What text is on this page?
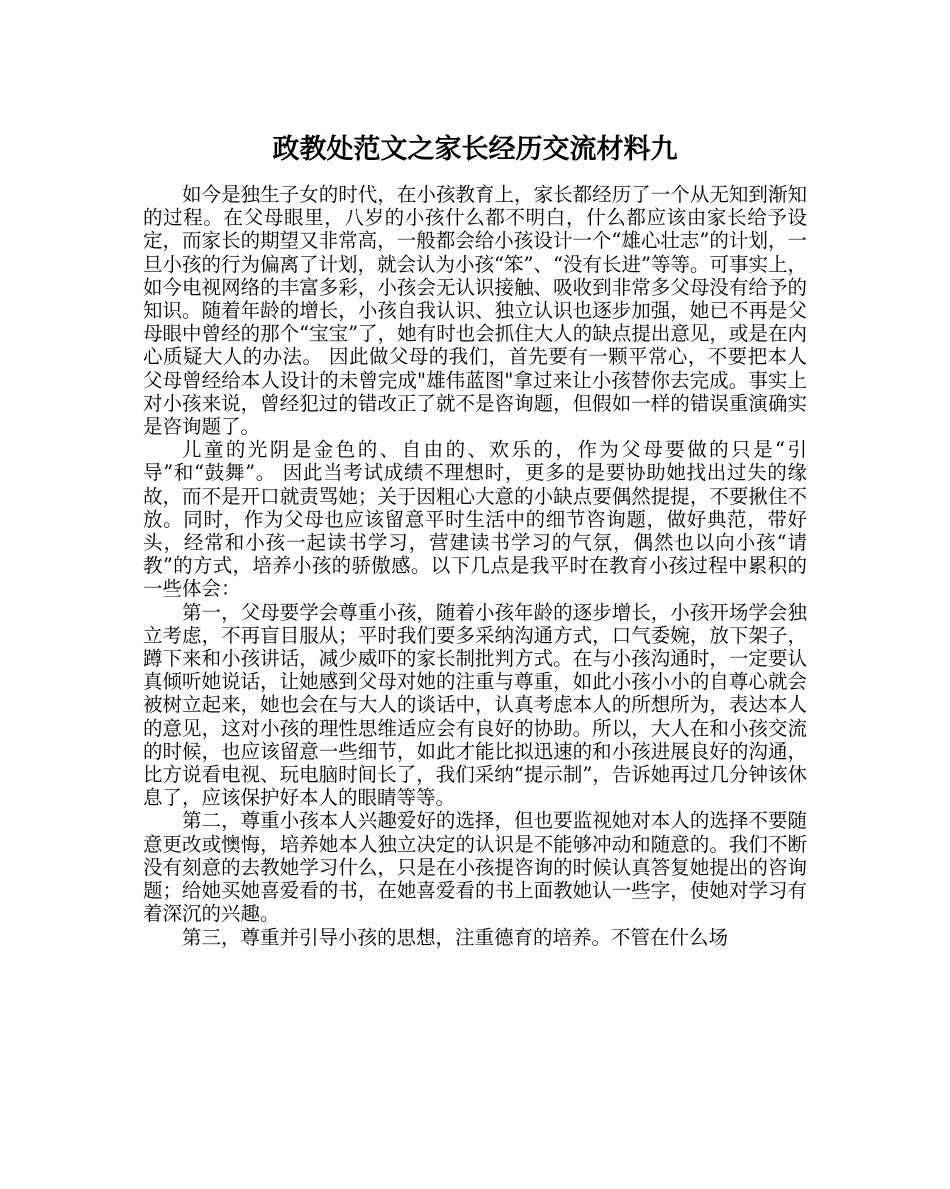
政教处范文之家长经历交流材料九

如今是独生子女的时代，在小孩教育上，家长都经历了一个从无知到渐知的过程。在父母眼里，八岁的小孩什么都不明白，什么都应该由家长给予设定，而家长的期望又非常高，一般都会给小孩设计一个“雄心壮志”的计划，一旦小孩的行为偏离了计划，就会认为小孩“笨”、“没有长进”等等。可事实上，如今电视网络的丰富多彩，小孩会无认识接触、吸收到非常多父母没有给予的知识。随着年龄的增长，小孩自我认识、独立认识也逐步加强，她已不再是父母眼中曾经的那个“宝宝”了，她有时也会抓住大人的缺点提出意见，或是在内心质疑大人的办法。 因此做父母的我们，首先要有一颗平常心，不要把本人父母曾经给本人设计的未曾完成"雄伟蓝图"拿过来让小孩替你去完成。事实上对小孩来说，曾经犯过的错改正了就不是咨询题，但假如一样的错误重演确实是咨询题了。

儿童的光阴是金色的、自由的、欢乐的，作为父母要做的只是“引导”和“鼓舞”。 因此当考试成绩不理想时，更多的是要协助她找出过失的缘故，而不是开口就责骂她；关于因粗心大意的小缺点要偶然提提，不要揪住不放。同时，作为父母也应该留意平时生活中的细节咨询题，做好典范，带好头，经常和小孩一起读书学习，营建读书学习的气氛，偶然也以向小孩“请教”的方式，培养小孩的骄傲感。以下几点是我平时在教育小孩过程中累积的一些体会：

第一，父母要学会尊重小孩，随着小孩年龄的逐步增长，小孩开场学会独立考虑，不再盲目服从；平时我们要多采纳沟通方式，口气委婉，放下架子，蹲下来和小孩讲话，减少威吓的家长制批判方式。在与小孩沟通时，一定要认真倾听她说话，让她感到父母对她的注重与尊重，如此小孩小小的自尊心就会被树立起来，她也会在与大人的谈话中，认真考虑本人的所想所为，表达本人的意见，这对小孩的理性思维适应会有良好的协助。所以，大人在和小孩交流的时候，也应该留意一些细节，如此才能比拟迅速的和小孩进展良好的沟通，比方说看电视、玩电脑时间长了，我们采纳“提示制”，告诉她再过几分钟该休息了，应该保护好本人的眼睛等等。

第二，尊重小孩本人兴趣爱好的选择，但也要监视她对本人的选择不要随意更改或懊悔，培养她本人独立决定的认识是不能够冲动和随意的。我们不断没有刻意的去教她学习什么，只是在小孩提咨询的时候认真答复她提出的咨询题；给她买她喜爱看的书，在她喜爱看的书上面教她认一些字，使她对学习有着深沉的兴趣。

第三，尊重并引导小孩的思想，注重德育的培养。不管在什么场
